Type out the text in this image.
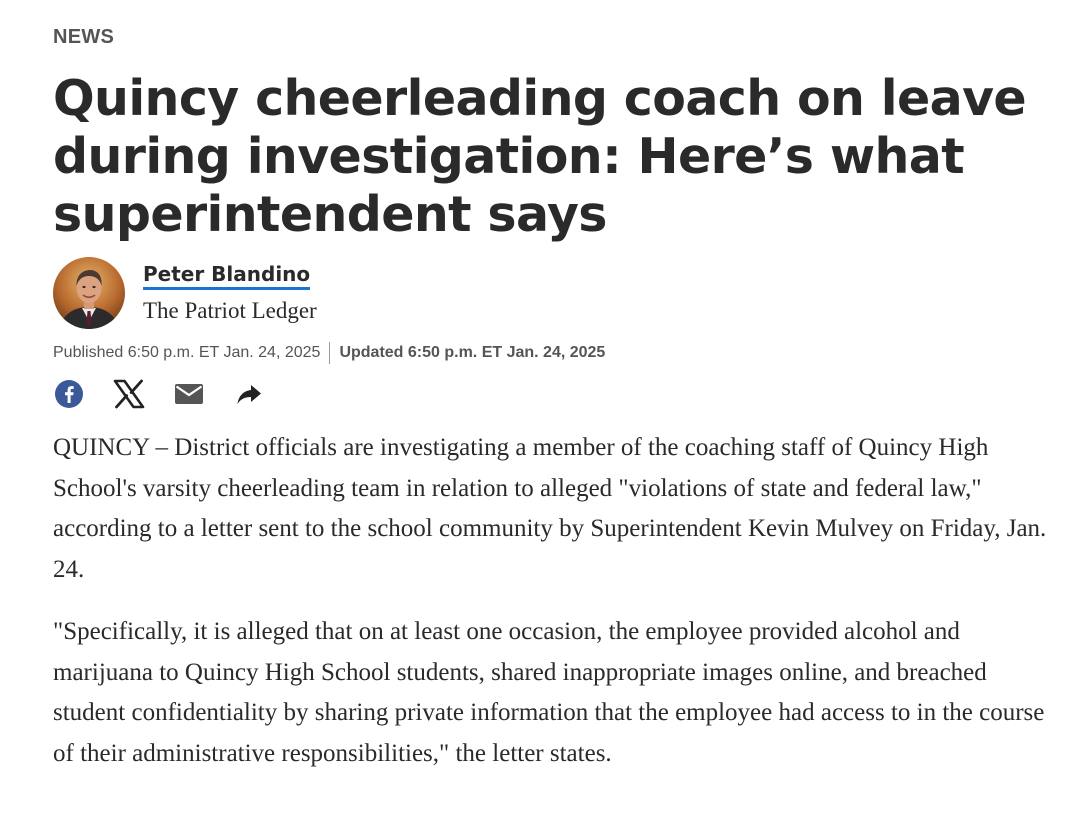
NEWS
Quincy cheerleading coach on leave during investigation: Here’s what superintendent says
Peter Blandino
The Patriot Ledger
Published 6:50 p.m. ET Jan. 24, 2025 Updated 6:50 p.m. ET Jan. 24, 2025

QUINCY – District officials are investigating a member of the coaching staff of Quincy High School's varsity cheerleading team in relation to alleged "violations of state and federal law," according to a letter sent to the school community by Superintendent Kevin Mulvey on Friday, Jan. 24.

"Specifically, it is alleged that on at least one occasion, the employee provided alcohol and marijuana to Quincy High School students, shared inappropriate images online, and breached student confidentiality by sharing private information that the employee had access to in the course of their administrative responsibilities," the letter states.
